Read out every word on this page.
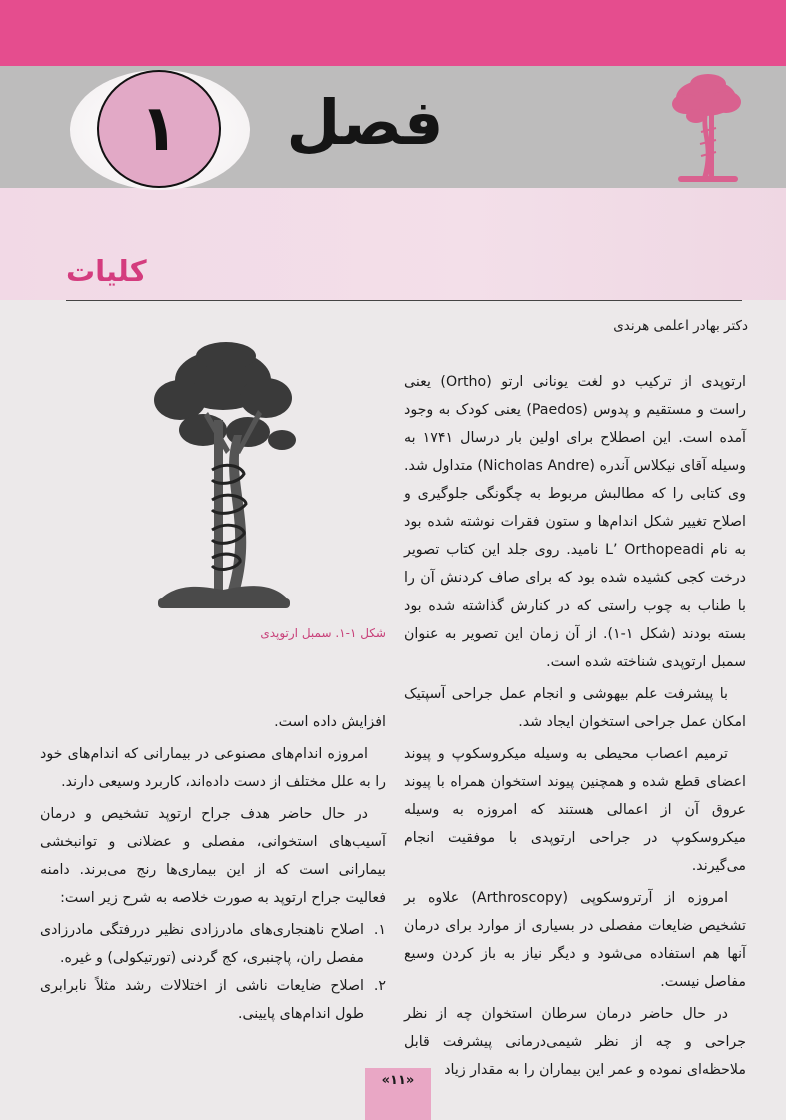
۱ فصل
کلیات
دکتر بهادر اعلمی هرندی

ارتوپدی از ترکیب دو لغت یونانی ارتو (Ortho) یعنی راست و مستقیم و پدوس (Paedos) یعنی کودک به وجود آمده است. این اصطلاح برای اولین بار درسال ۱۷۴۱ به وسیله آقای نیکلاس آندره (Nicholas Andre) متداول شد. وی کتابی را که مطالبش مربوط به چگونگی جلوگیری و اصلاح تغییر شکل اندام‌ها و ستون فقرات نوشته شده بود به نام L’ Orthopeadi نامید. روی جلد این کتاب تصویر درخت کجی کشیده شده بود که برای صاف کردنش آن را با طناب به چوب راستی که در کنارش گذاشته شده بود بسته بودند (شکل ۱-۱). از آن زمان این تصویر به عنوان سمبل ارتوپدی شناخته شده است.

با پیشرفت علم بیهوشی و انجام عمل جراحی آسپتیک امکان عمل جراحی استخوان ایجاد شد.

ترمیم اعصاب محیطی به وسیله میکروسکوپ و پیوند اعضای قطع شده و همچنین پیوند استخوان همراه با پیوند عروق آن از اعمالی هستند که امروزه به وسیله میکروسکوپ در جراحی ارتوپدی با موفقیت انجام می‌گیرند.

امروزه از آرتروسکوپی (Arthroscopy) علاوه بر تشخیص ضایعات مفصلی در بسیاری از موارد برای درمان آنها هم استفاده می‌شود و دیگر نیاز به باز کردن وسیع مفاصل نیست.

در حال حاضر درمان سرطان استخوان چه از نظر جراحی و چه از نظر شیمی‌درمانی پیشرفت قابل ملاحظه‌ای نموده و عمر این بیماران را به مقدار زیاد

شکل ۱-۱. سمبل ارتوپدی

افزایش داده است.

امروزه اندام‌های مصنوعی در بیمارانی که اندام‌های خود را به علل مختلف از دست داده‌اند، کاربرد وسیعی دارند.

در حال حاضر هدف جراح ارتوپد تشخیص و درمان آسیب‌های استخوانی، مفصلی و عضلانی و توانبخشی بیمارانی است که از این بیماری‌ها رنج می‌برند. دامنه فعالیت جراح ارتوپد به صورت خلاصه به شرح زیر است:

۱.
اصلاح ناهنجاری‌های مادرزادی نظیر دررفتگی مادرزادی مفصل ران، پاچنبری، کج گردنی (تورتیکولی) و غیره.
۲.
اصلاح ضایعات ناشی از اختلالات رشد مثلاً نابرابری طول اندام‌های پایینی.
«۱۱»
